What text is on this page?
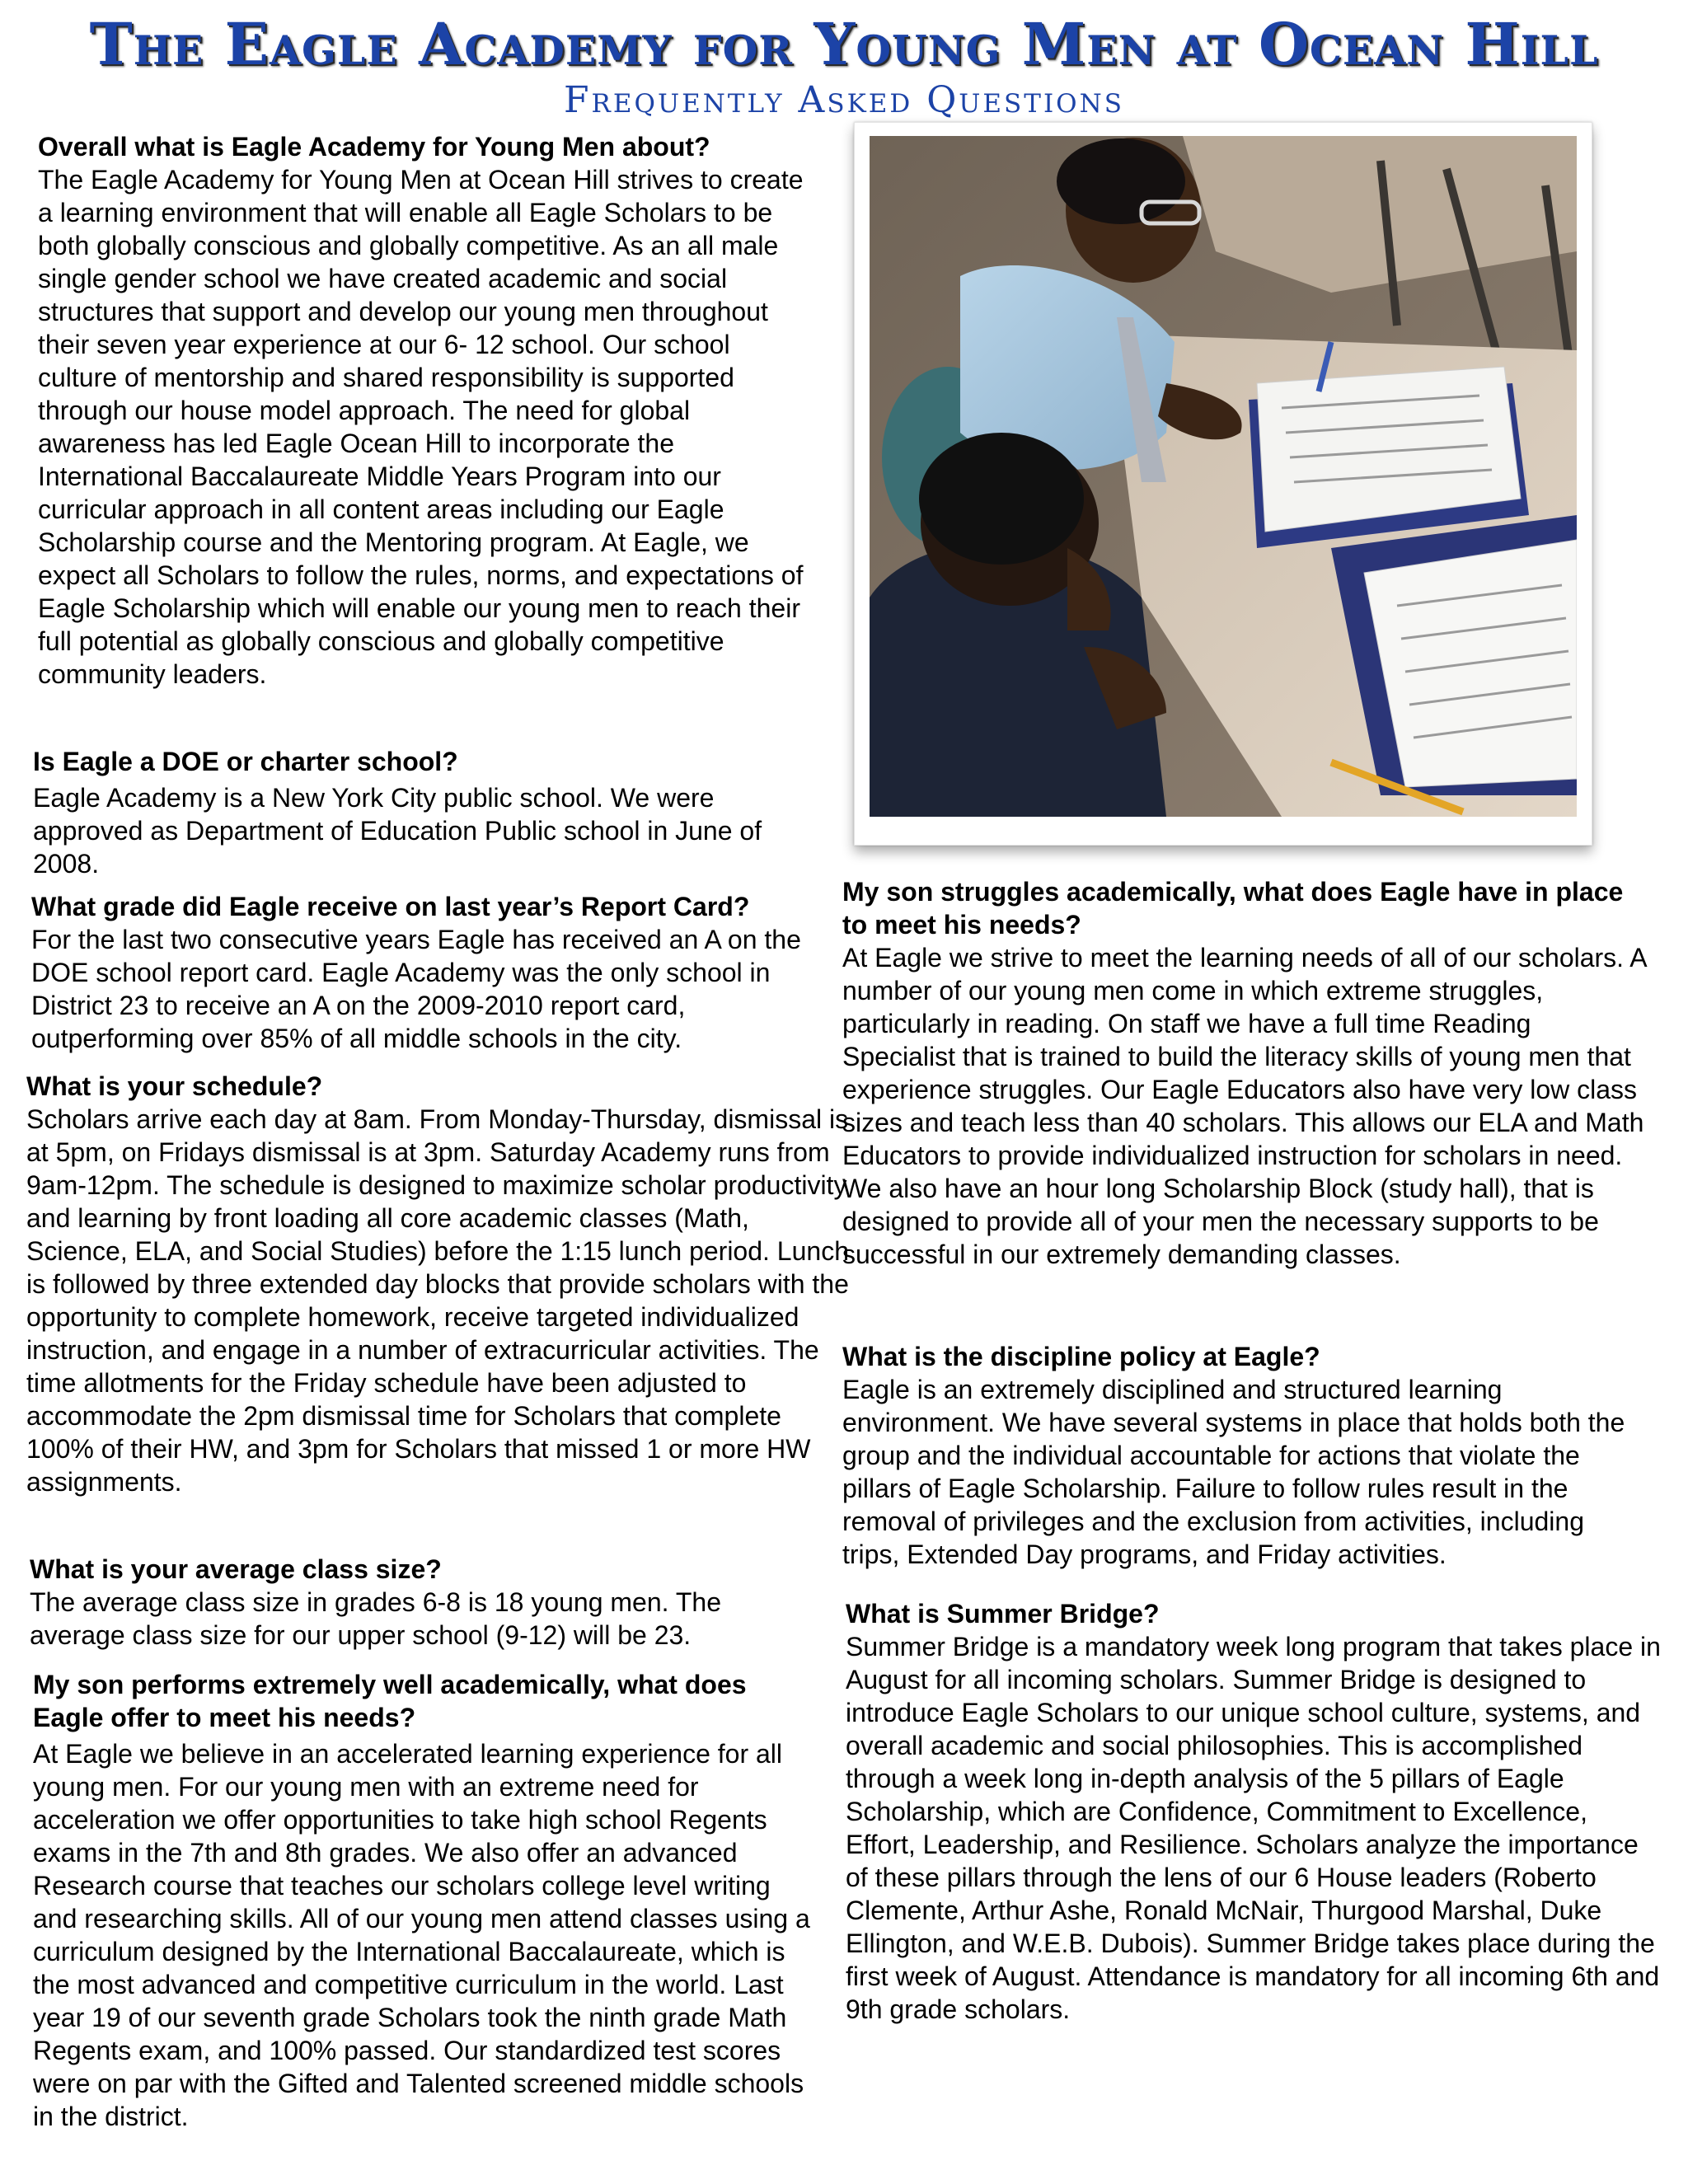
The Eagle Academy for Young Men at Ocean Hill
Frequently Asked Questions

Overall what is Eagle Academy for Young Men about?

The Eagle Academy for Young Men at Ocean Hill strives to create a learning environment that will enable all Eagle Scholars to be both globally conscious and globally competitive. As an all male single gender school we have created academic and social structures that support and develop our young men throughout their seven year experience at our 6- 12 school. Our school culture of mentorship and shared responsibility is supported through our house model approach. The need for global awareness has led Eagle Ocean Hill to incorporate the International Baccalaureate Middle Years Program into our curricular approach in all content areas including our Eagle Scholarship course and the Mentoring program. At Eagle, we expect all Scholars to follow the rules, norms, and expectations of Eagle Scholarship which will enable our young men to reach their full potential as globally conscious and globally competitive community leaders.

Is Eagle a DOE or charter school?

Eagle Academy is a New York City public school. We were approved as Department of Education Public school in June of 2008.

What grade did Eagle receive on last year’s Report Card?

For the last two consecutive years Eagle has received an A on the DOE school report card. Eagle Academy was the only school in District 23 to receive an A on the 2009-2010 report card, outperforming over 85% of all middle schools in the city.

What is your schedule?

Scholars arrive each day at 8am. From Monday-Thursday, dismissal is at 5pm, on Fridays dismissal is at 3pm. Saturday Academy runs from 9am-12pm. The schedule is designed to maximize scholar productivity and learning by front loading all core academic classes (Math, Science, ELA, and Social Studies) before the 1:15 lunch period. Lunch is followed by three extended day blocks that provide scholars with the opportunity to complete homework, receive targeted individualized instruction, and engage in a number of extracurricular activities. The time allotments for the Friday schedule have been adjusted to accommodate the 2pm dismissal time for Scholars that complete 100% of their HW, and 3pm for Scholars that missed 1 or more HW assignments.

What is your average class size?

The average class size in grades 6-8 is 18 young men. The average class size for our upper school (9-12) will be 23.

My son performs extremely well academically, what does Eagle offer to meet his needs?

At Eagle we believe in an accelerated learning experience for all young men. For our young men with an extreme need for acceleration we offer opportunities to take high school Regents exams in the 7th and 8th grades. We also offer an advanced Research course that teaches our scholars college level writing and researching skills. All of our young men attend classes using a curriculum designed by the International Baccalaureate, which is the most advanced and competitive curriculum in the world. Last year 19 of our seventh grade Scholars took the ninth grade Math Regents exam, and 100% passed. Our standardized test scores were on par with the Gifted and Talented screened middle schools in the district.

My son struggles academically, what does Eagle have in place to meet his needs?

At Eagle we strive to meet the learning needs of all of our scholars. A number of our young men come in which extreme struggles, particularly in reading. On staff we have a full time Reading Specialist that is trained to build the literacy skills of young men that experience struggles. Our Eagle Educators also have very low class sizes and teach less than 40 scholars. This allows our ELA and Math Educators to provide individualized instruction for scholars in need. We also have an hour long Scholarship Block (study hall), that is designed to provide all of your men the necessary supports to be successful in our extremely demanding classes.

What is the discipline policy at Eagle?

Eagle is an extremely disciplined and structured learning environment. We have several systems in place that holds both the group and the individual accountable for actions that violate the pillars of Eagle Scholarship. Failure to follow rules result in the removal of privileges and the exclusion from activities, including trips, Extended Day programs, and Friday activities.

What is Summer Bridge?

Summer Bridge is a mandatory week long program that takes place in August for all incoming scholars. Summer Bridge is designed to introduce Eagle Scholars to our unique school culture, systems, and overall academic and social philosophies. This is accomplished through a week long in-depth analysis of the 5 pillars of Eagle Scholarship, which are Confidence, Commitment to Excellence, Effort, Leadership, and Resilience. Scholars analyze the importance of these pillars through the lens of our 6 House leaders (Roberto Clemente, Arthur Ashe, Ronald McNair, Thurgood Marshal, Duke Ellington, and W.E.B. Dubois). Summer Bridge takes place during the first week of August. Attendance is mandatory for all incoming 6th and 9th grade scholars.
